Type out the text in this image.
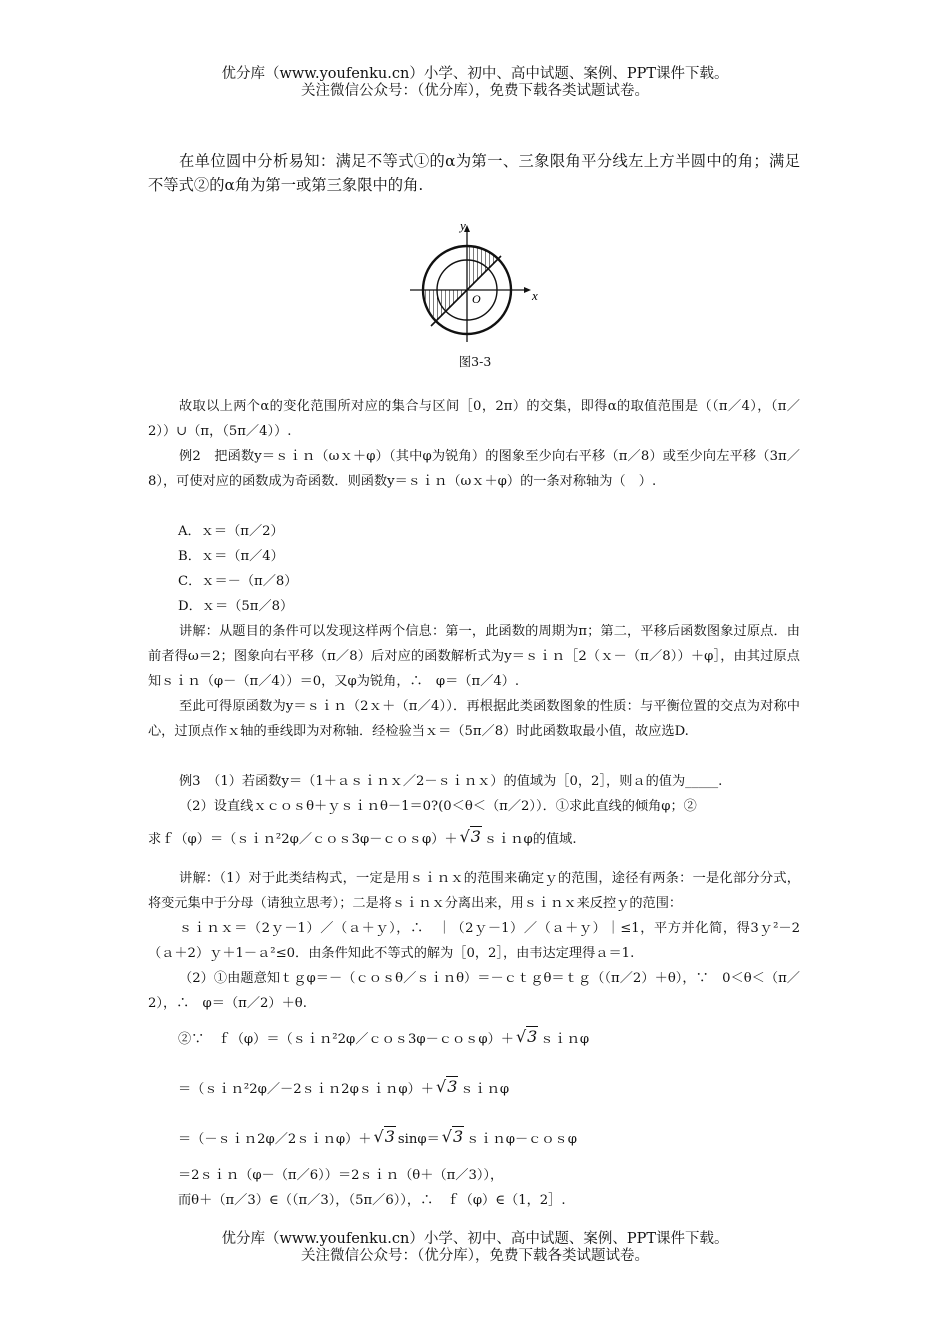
优分库（www.youfenku.cn）小学、初中、高中试题、案例、PPT课件下载。
关注微信公众号：（优分库），免费下载各类试题试卷。
在单位圆中分析易知：满足不等式①的α为第一、三象限角平分线左上方半圆中的角；满足不等式②的α角为第一或第三象限中的角.
x
y
O
图3-3
故取以上两个α的变化范围所对应的集合与区间［0，2π）的交集，即得α的取值范围是（（π／4），（π／2））∪（π，（5π／4））.
例2　把函数y＝ｓｉｎ（ωｘ＋φ）（其中φ为锐角）的图象至少向右平移（π／8）或至少向左平移（3π／8），可使对应的函数成为奇函数．则函数y＝ｓｉｎ（ωｘ＋φ）的一条对称轴为（　）.
A．ｘ＝（π／2）
B．ｘ＝（π／4）
C．ｘ＝－（π／8）
D．ｘ＝（5π／8）
讲解：从题目的条件可以发现这样两个信息：第一，此函数的周期为π；第二，平移后函数图象过原点．由前者得ω＝2；图象向右平移（π／8）后对应的函数解析式为y＝ｓｉｎ［2（ｘ－（π／8））＋φ］，由其过原点知ｓｉｎ（φ－（π／4））＝0，又φ为锐角，∴　φ＝（π／4）.
至此可得原函数为y＝ｓｉｎ（2ｘ＋（π／4））．再根据此类函数图象的性质：与平衡位置的交点为对称中心，过顶点作ｘ轴的垂线即为对称轴．经检验当ｘ＝（5π／8）时此函数取最小值，故应选D.
例3　（1）若函数y＝（1＋ａｓｉｎｘ／2－ｓｉｎｘ）的值域为［0，2］，则ａ的值为_____.
（2）设直线ｘｃｏｓθ＋ｙｓｉｎθ－1＝0?(0＜θ＜（π／2））．①求此直线的倾角φ；②
求ｆ（φ）＝（ｓｉｎ²2φ／ｃｏｓ3φ－ｃｏｓφ）＋ √3 ｓｉｎφ的值域.
讲解：（1）对于此类结构式，一定是用ｓｉｎｘ的范围来确定ｙ的范围，途径有两条：一是化部分分式，将变元集中于分母（请独立思考）；二是将ｓｉｎｘ分离出来，用ｓｉｎｘ来反控ｙ的范围：
ｓｉｎｘ＝（2ｙ－1）／（ａ＋ｙ），∴　｜（2ｙ－1）／（ａ＋ｙ）｜≤1，平方并化简，得3ｙ²－2（ａ＋2）ｙ＋1－ａ²≤0．由条件知此不等式的解为［0，2］，由韦达定理得ａ＝1.
（2）①由题意知ｔｇφ＝－（ｃｏｓθ／ｓｉｎθ）＝－ｃｔｇθ＝ｔｇ（（π／2）＋θ），∵　0＜θ＜（π／2），∴　φ＝（π／2）＋θ.
②∵　ｆ（φ）＝（ｓｉｎ²2φ／ｃｏｓ3φ－ｃｏｓφ）＋ √3 ｓｉｎφ
＝（ｓｉｎ²2φ／－2ｓｉｎ2φｓｉｎφ）＋ √3 ｓｉｎφ
＝（－ｓｉｎ2φ／2ｓｉｎφ）＋ √3 sinφ＝ √3 ｓｉｎφ－ｃｏｓφ
＝2ｓｉｎ（φ－（π／6））＝2ｓｉｎ（θ＋（π／3）），
而θ＋（π／3）∈（（π／3），（5π／6）），∴　ｆ（φ）∈（1，2］.
优分库（www.youfenku.cn）小学、初中、高中试题、案例、PPT课件下载。
关注微信公众号：（优分库），免费下载各类试题试卷。
